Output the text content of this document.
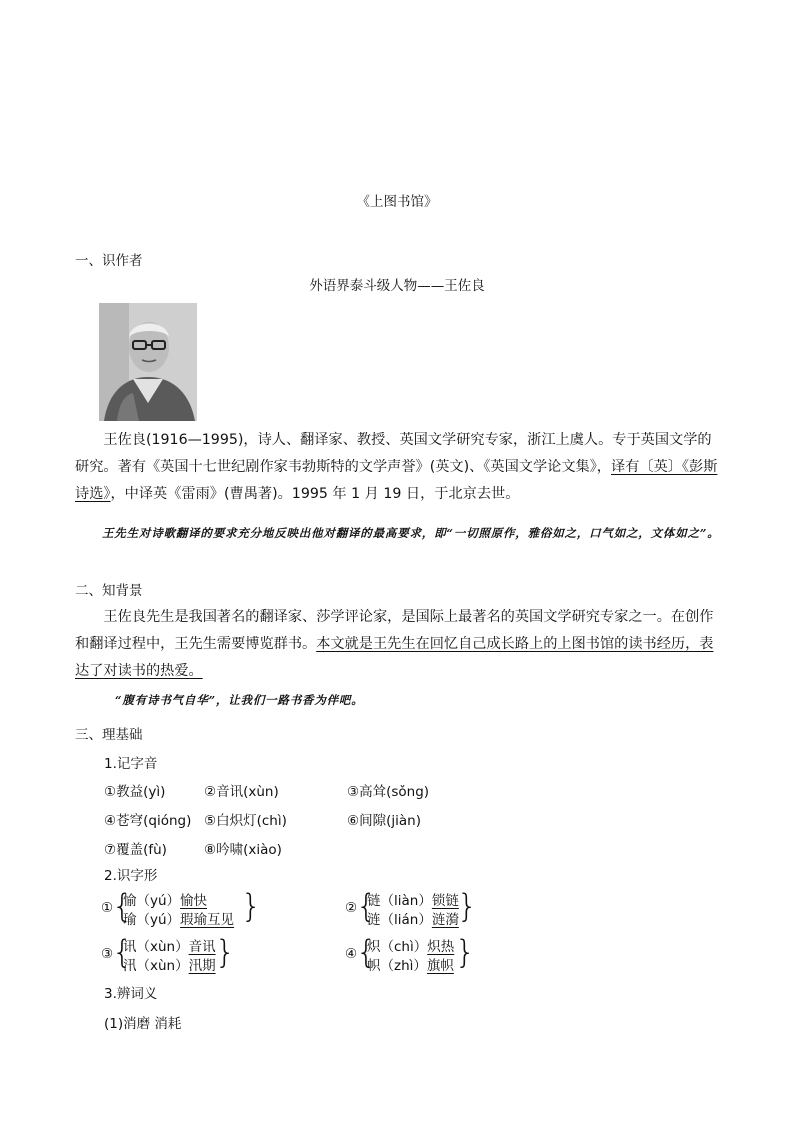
《上图书馆》
一、识作者
外语界泰斗级人物——王佐良

王佐良(1916—1995)，诗人、翻译家、教授、英国文学研究专家，浙江上虞人。专于英国文学的研究。著有《英国十七世纪剧作家韦勃斯特的文学声誉》(英文)、《英国文学论文集》，译有〔英〕《彭斯诗选》，中译英《雷雨》(曹禺著)。1995 年 1 月 19 日，于北京去世。

王先生对诗歌翻译的要求充分地反映出他对翻译的最高要求，即“一切照原作，雅俗如之，口气如之，文体如之”。
二、知背景

王佐良先生是我国著名的翻译家、莎学评论家，是国际上最著名的英国文学研究专家之一。在创作和翻译过程中，王先生需要博览群书。本文就是王先生在回忆自己成长路上的上图书馆的读书经历，表达了对读书的热爱。

“腹有诗书气自华”，让我们一路书香为伴吧。
三、理基础
1.记字音
①教益(yì)	②音讯(xùn)	③高耸(sǒng)
④苍穹(qióng) ⑤白炽灯(chì)	⑥间隙(jiàn)
⑦覆盖(fù)	⑧吟啸(xiào)
2.识字形
①
{
愉（yú）愉快
瑜（yú）瑕瑜互见 }	②
{
链（liàn）锁链
涟（lián）涟漪
}
③
{
讯（xùn）音讯
汛（xùn）汛期 }	④
{
炽（chì）炽热
帜（zhì）旗帜 }
3.辨词义
(1)消磨 消耗
